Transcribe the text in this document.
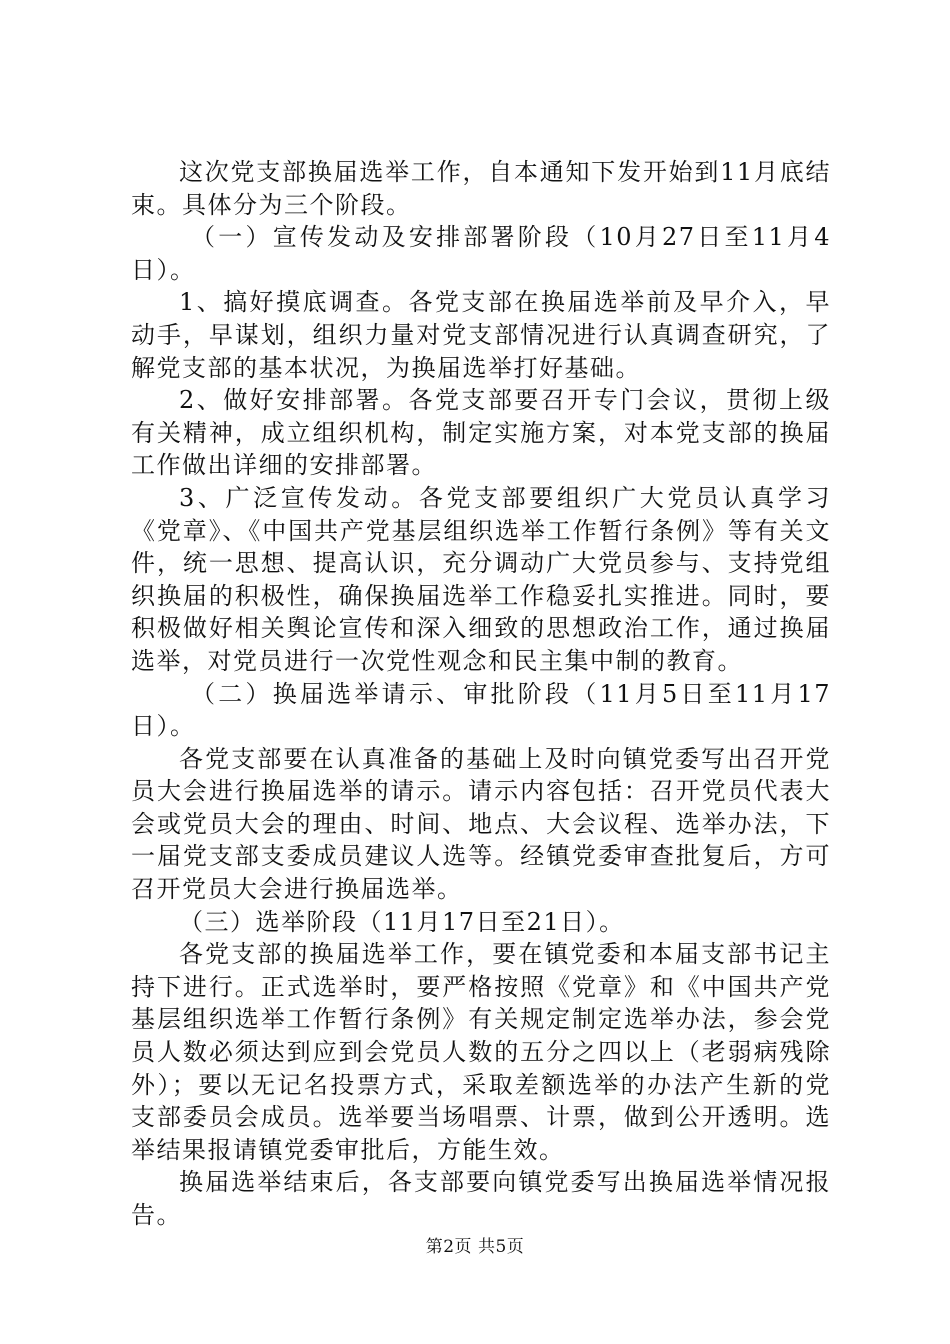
这次党支部换届选举工作，自本通知下发开始到11月底结束。具体分为三个阶段。

（一）宣传发动及安排部署阶段（10月27日至11月4日）。

1、搞好摸底调查。各党支部在换届选举前及早介入，早动手，早谋划，组织力量对党支部情况进行认真调查研究，了解党支部的基本状况，为换届选举打好基础。

2、做好安排部署。各党支部要召开专门会议，贯彻上级有关精神，成立组织机构，制定实施方案，对本党支部的换届工作做出详细的安排部署。

3、广泛宣传发动。各党支部要组织广大党员认真学习《党章》、《中国共产党基层组织选举工作暂行条例》等有关文件，统一思想、提高认识，充分调动广大党员参与、支持党组织换届的积极性，确保换届选举工作稳妥扎实推进。同时，要积极做好相关舆论宣传和深入细致的思想政治工作，通过换届选举，对党员进行一次党性观念和民主集中制的教育。

（二）换届选举请示、审批阶段（11月5日至11月17日）。

各党支部要在认真准备的基础上及时向镇党委写出召开党员大会进行换届选举的请示。请示内容包括：召开党员代表大会或党员大会的理由、时间、地点、大会议程、选举办法，下一届党支部支委成员建议人选等。经镇党委审查批复后，方可召开党员大会进行换届选举。

（三）选举阶段（11月17日至21日）。

各党支部的换届选举工作，要在镇党委和本届支部书记主持下进行。正式选举时，要严格按照《党章》和《中国共产党基层组织选举工作暂行条例》有关规定制定选举办法，参会党员人数必须达到应到会党员人数的五分之四以上（老弱病残除外）；要以无记名投票方式，采取差额选举的办法产生新的党支部委员会成员。选举要当场唱票、计票，做到公开透明。选举结果报请镇党委审批后，方能生效。

换届选举结束后，各支部要向镇党委写出换届选举情况报告。

第2页 共5页
